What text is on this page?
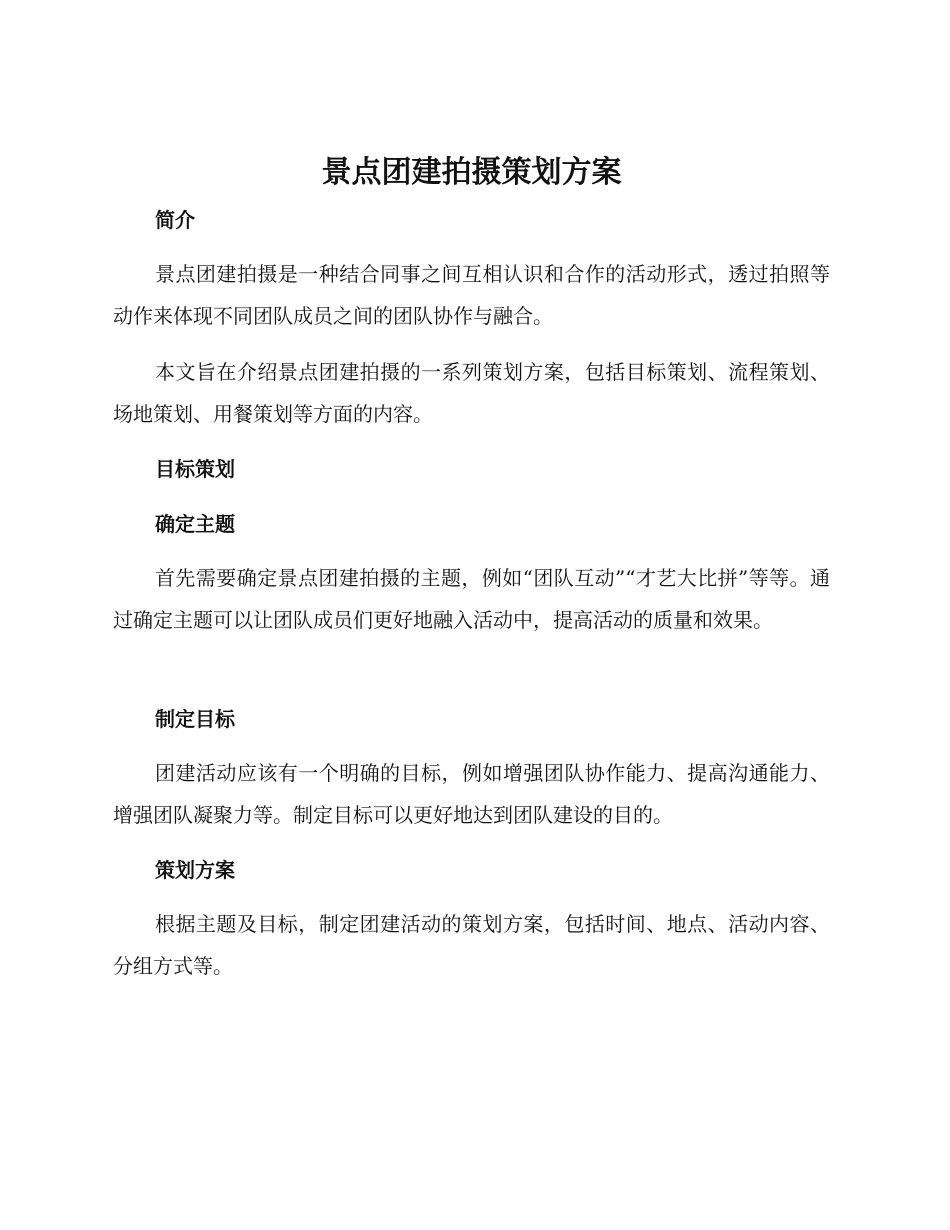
景点团建拍摄策划方案
简介

景点团建拍摄是一种结合同事之间互相认识和合作的活动形式，透过拍照等动作来体现不同团队成员之间的团队协作与融合。

本文旨在介绍景点团建拍摄的一系列策划方案，包括目标策划、流程策划、场地策划、用餐策划等方面的内容。

目标策划
确定主题

首先需要确定景点团建拍摄的主题，例如“团队互动”“才艺大比拼”等等。通过确定主题可以让团队成员们更好地融入活动中，提高活动的质量和效果。

制定目标

团建活动应该有一个明确的目标，例如增强团队协作能力、提高沟通能力、增强团队凝聚力等。制定目标可以更好地达到团队建设的目的。

策划方案

根据主题及目标，制定团建活动的策划方案，包括时间、地点、活动内容、分组方式等。
